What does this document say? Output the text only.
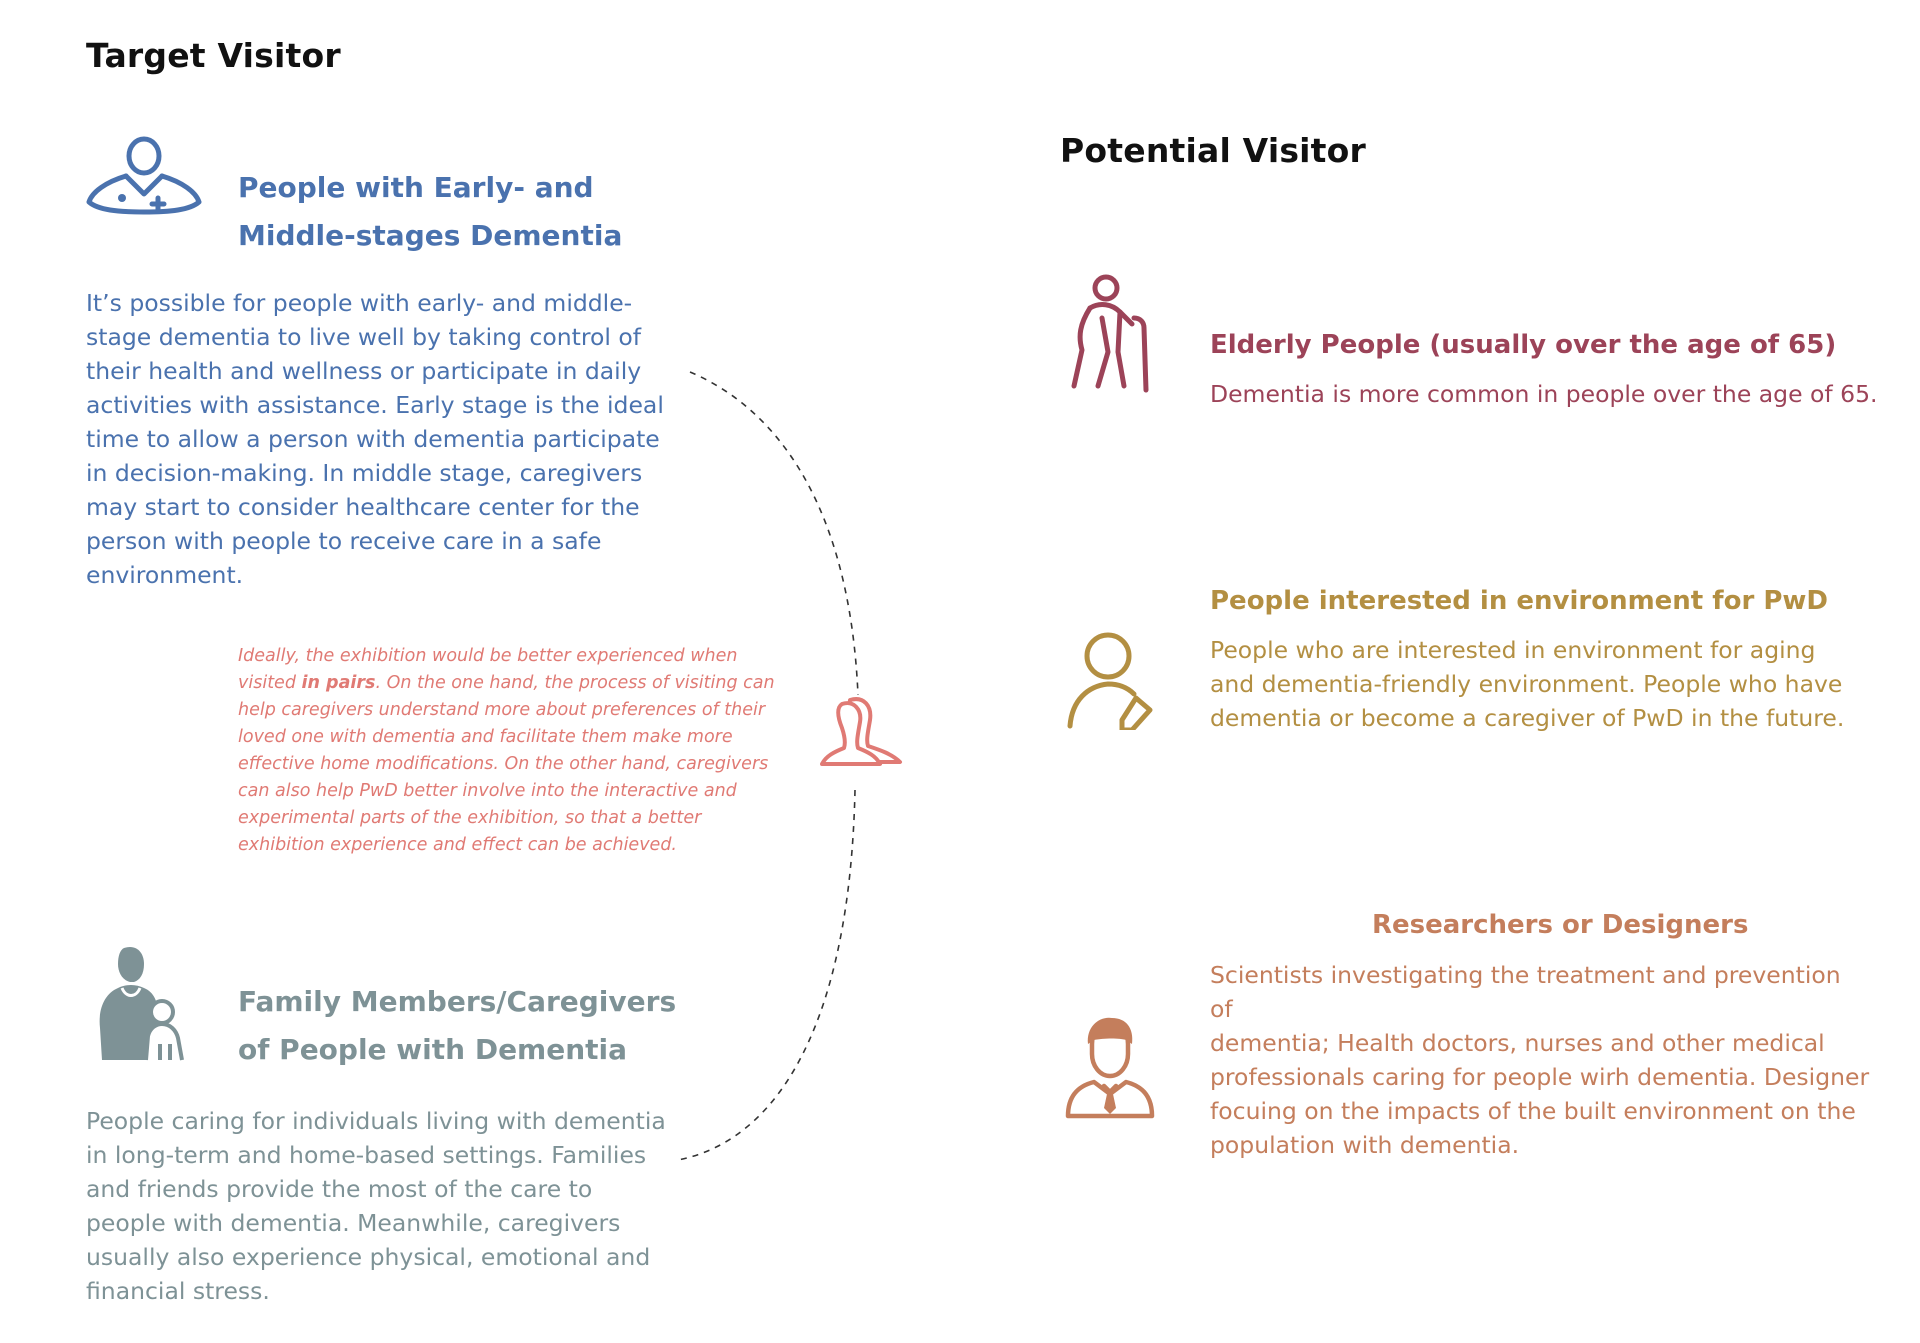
Target Visitor
Potential Visitor
People with Early- and
Middle-stages Dementia
It’s possible for people with early- and middle-
stage dementia to live well by taking control of
their health and wellness or participate in daily
activities with assistance. Early stage is the ideal
time to allow a person with dementia participate
in decision-making. In middle stage, caregivers
may start to consider healthcare center for the
person with people to receive care in a safe
environment.
Ideally, the exhibition would be better experienced when visited in pairs. On the one hand, the process of visiting can help caregivers understand more about preferences of their loved one with dementia and facilitate them make more effective home modifications. On the other hand, caregivers can also help PwD better involve into the interactive and experimental parts of the exhibition, so that a better exhibition experience and effect can be achieved.
Family Members/Caregivers
of People with Dementia
People caring for individuals living with dementia
in long-term and home-based settings. Families
and friends provide the most of the care to
people with dementia. Meanwhile, caregivers
usually also experience physical, emotional and
financial stress.
Elderly People (usually over the age of 65)
Dementia is more common in people over the age of 65.
People interested in environment for PwD
People who are interested in environment for aging
and dementia-friendly environment. People who have
dementia or become a caregiver of PwD in the future.
Researchers or Designers
Scientists investigating the treatment and prevention of
dementia; Health doctors, nurses and other medical
professionals caring for people wirh dementia. Designer
focuing on the impacts of the built environment on the
population with dementia.
